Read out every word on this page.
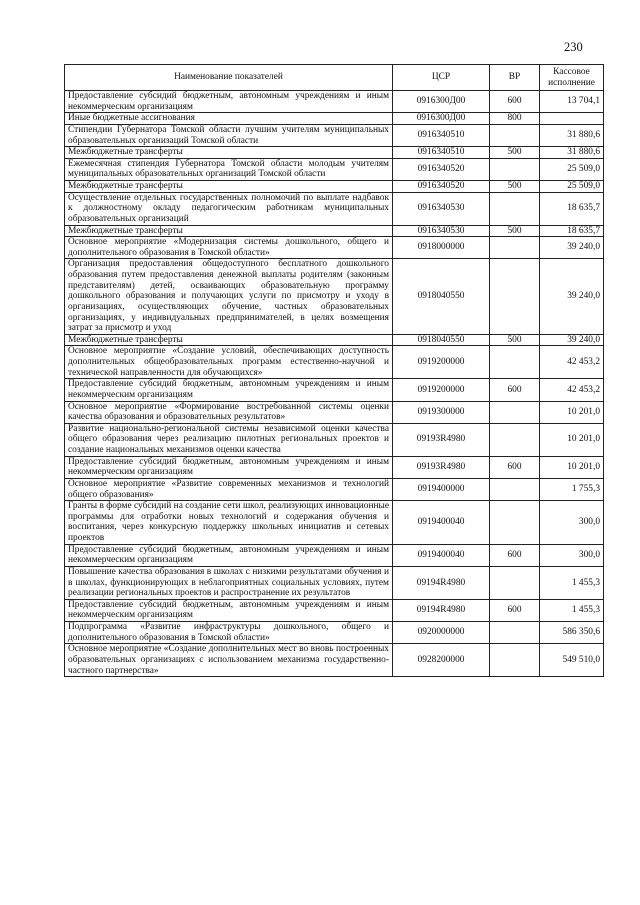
230
Наименование показателей	ЦСР	ВР	Кассовое исполнение
Предоставление субсидий бюджетным, автономным учреждениям и иным некоммерческим организациям	0916300Д00	600	13 704,1
Иные бюджетные ассигнования	0916300Д00	800	
Стипендии Губернатора Томской области лучшим учителям муниципальных образовательных организаций Томской области	0916340510		31 880,6
Межбюджетные трансферты	0916340510	500	31 880,6
Ежемесячная стипендия Губернатора Томской области молодым учителям муниципальных образовательных организаций Томской области	0916340520		25 509,0
Межбюджетные трансферты	0916340520	500	25 509,0
Осуществление отдельных государственных полномочий по выплате надбавок к должностному окладу педагогическим работникам муниципальных образовательных организаций	0916340530		18 635,7
Межбюджетные трансферты	0916340530	500	18 635,7
Основное мероприятие «Модернизация системы дошкольного, общего и дополнительного образования в Томской области»	0918000000		39 240,0
Организация предоставления общедоступного бесплатного дошкольного образования путем предоставления денежной выплаты родителям (законным представителям) детей, осваивающих образовательную программу дошкольного образования и получающих услуги по присмотру и уходу в организациях, осуществляющих обучение, частных образовательных организациях, у индивидуальных предпринимателей, в целях возмещения затрат за присмотр и уход	0918040550		39 240,0
Межбюджетные трансферты	0918040550	500	39 240,0
Основное мероприятие «Создание условий, обеспечивающих доступность дополнительных общеобразовательных программ естественно-научной и технической направленности для обучающихся»	0919200000		42 453,2
Предоставление субсидий бюджетным, автономным учреждениям и иным некоммерческим организациям	0919200000	600	42 453,2
Основное мероприятие «Формирование востребованной системы оценки качества образования и образовательных результатов»	0919300000		10 201,0
Развитие национально-региональной системы независимой оценки качества общего образования через реализацию пилотных региональных проектов и создание национальных механизмов оценки качества	09193R4980		10 201,0
Предоставление субсидий бюджетным, автономным учреждениям и иным некоммерческим организациям	09193R4980	600	10 201,0
Основное мероприятие «Развитие современных механизмов и технологий общего образования»	0919400000		1 755,3
Гранты в форме субсидий на создание сети школ, реализующих инновационные программы для отработки новых технологий и содержания обучения и воспитания, через конкурсную поддержку школьных инициатив и сетевых проектов	0919400040		300,0
Предоставление субсидий бюджетным, автономным учреждениям и иным некоммерческим организациям	0919400040	600	300,0
Повышение качества образования в школах с низкими результатами обучения и в школах, функционирующих в неблагоприятных социальных условиях, путем реализации региональных проектов и распространение их результатов	09194R4980		1 455,3
Предоставление субсидий бюджетным, автономным учреждениям и иным некоммерческим организациям	09194R4980	600	1 455,3
Подпрограмма «Развитие инфраструктуры дошкольного, общего и дополнительного образования в Томской области»	0920000000		586 350,6
Основное мероприятие «Создание дополнительных мест во вновь построенных образовательных организациях с использованием механизма государственно-частного партнерства»	0928200000		549 510,0
